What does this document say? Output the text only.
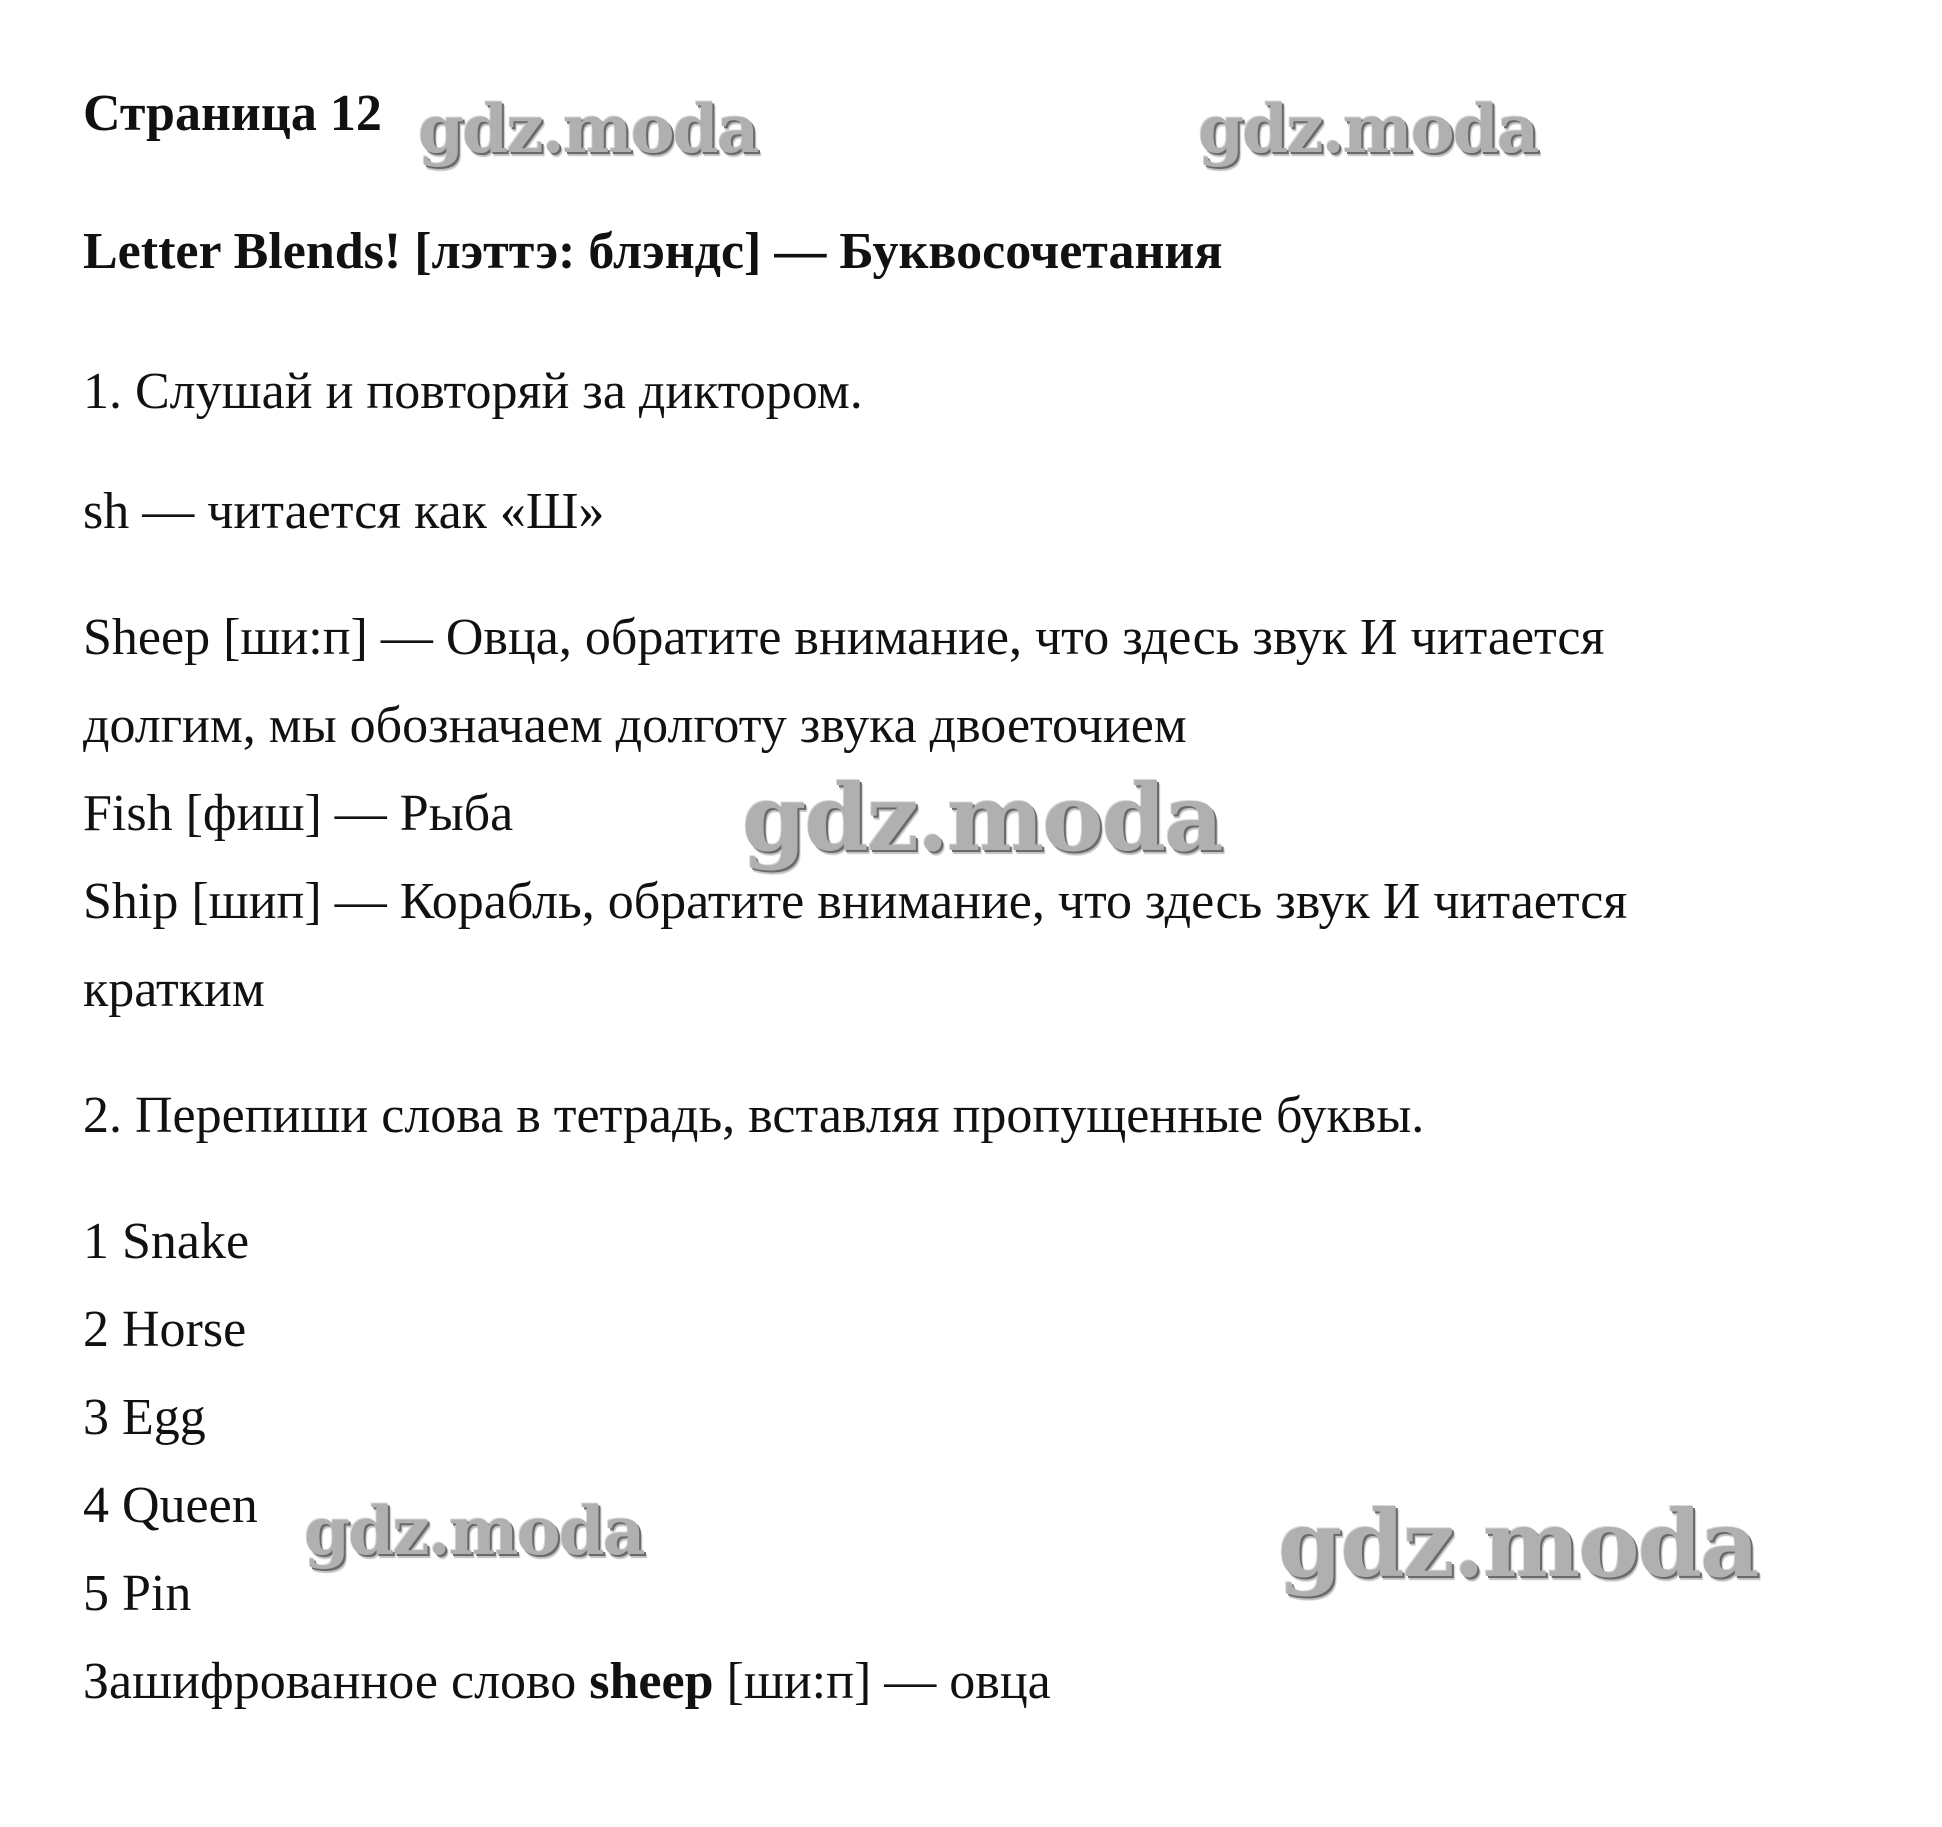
Страница 12
Letter Blends! [лэттэ: блэндс] — Буквосочетания
1. Слушай и повторяй за диктором.
sh — читается как «Ш»
Sheep [ши:п] — Овца, обратите внимание, что здесь звук И читается
долгим, мы обозначаем долготу звука двоеточием
Fish [фиш] — Рыба
Ship [шип] — Корабль, обратите внимание, что здесь звук И читается
кратким
2. Перепиши слова в тетрадь, вставляя пропущенные буквы.
1 Snake
2 Horse
3 Egg
4 Queen
5 Pin
Зашифрованное слово sheep [ши:п] — овца
gdz.moda	gdz.moda
gdz.moda
gdz.moda	gdz.moda
